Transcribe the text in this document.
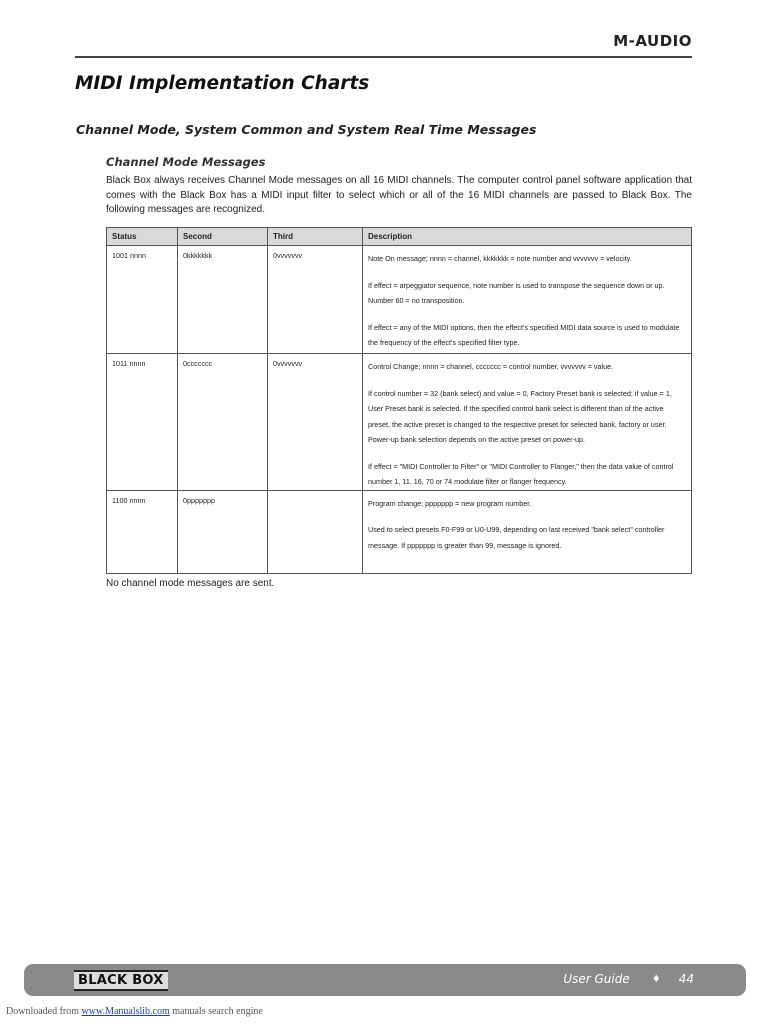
M-AUDIO
MIDI Implementation Charts
Channel Mode, System Common and System Real Time Messages
Channel Mode Messages

Black Box always receives Channel Mode messages on all 16 MIDI channels. The computer control panel software application that comes with the Black Box has a MIDI input filter to select which or all of the 16 MIDI channels are passed to Black Box. The following messages are recognized.

Status	Second	Third	Description
1001 nnnn	0kkkkkkk	0vvvvvvv	Note On message; nnnn = channel, kkkkkkk = note number and vvvvvvv = velocity.

If effect = arpeggiator sequence, note number is used to transpose the sequence down or up. Number 60 = no transposition.

If effect = any of the MIDI options, then the effect's specified MIDI data source is used to modulate the frequency of the effect's specified filter type.

1011 nnnn	0ccccccc	0vvvvvvv	Control Change; nnnn = channel, ccccccc = control number, vvvvvvv = value.

If control number = 32 (bank select) and value = 0, Factory Preset bank is selected; if value = 1, User Preset bank is selected. If the specified control bank select is different than of the active preset, the active preset is changed to the respective preset for selected bank, factory or user. Power-up bank selection depends on the active preset on power-up.

If effect = "MIDI Controller to Filter" or "MIDI Controller to Flanger," then the data value of control number 1, 11, 16, 70 or 74 modulate filter or flanger frequency.

1100 nnnn	0ppppppp		Program change; ppppppp = new program number.

Used to select presets F0-F99 or U0-U99, depending on last received "bank select" controller message. If ppppppp is greater than 99, message is ignored.

No channel mode messages are sent.

BLACK BOX	User Guide ♦ 44
Downloaded from www.Manualslib.com manuals search engine
